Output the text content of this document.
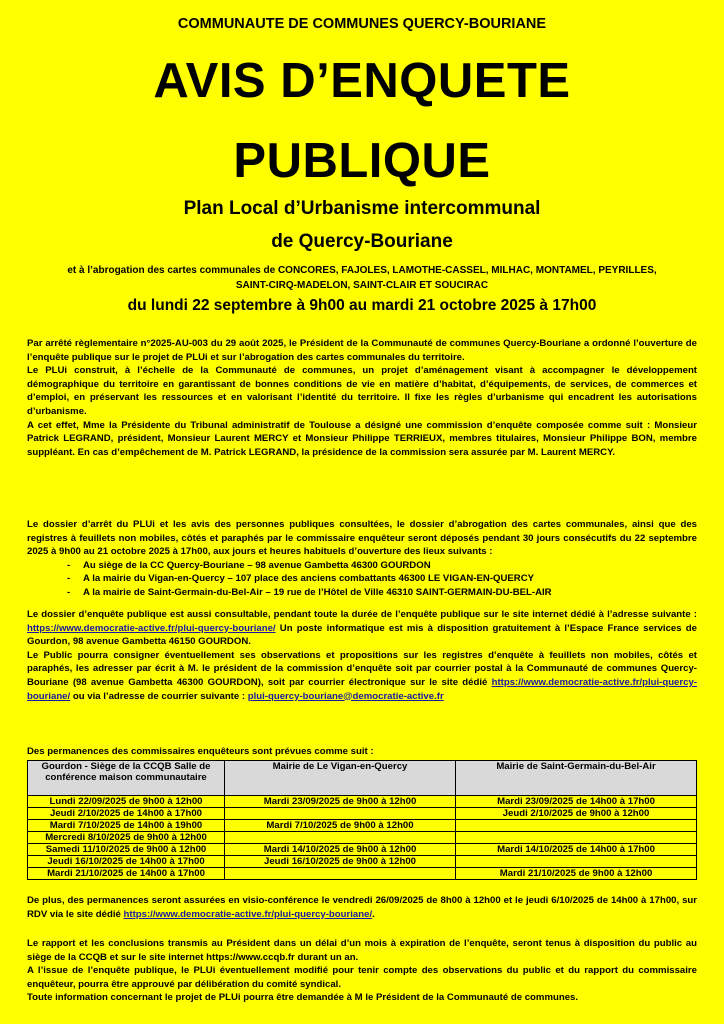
COMMUNAUTE DE COMMUNES QUERCY-BOURIANE
AVIS D’ENQUETE
PUBLIQUE
Plan Local d’Urbanisme intercommunal
de Quercy-Bouriane
et à l’abrogation des cartes communales de CONCORES, FAJOLES, LAMOTHE-CASSEL, MILHAC, MONTAMEL, PEYRILLES, SAINT-CIRQ-MADELON, SAINT-CLAIR ET SOUCIRAC
du lundi 22 septembre à 9h00 au mardi 21 octobre 2025 à 17h00

Par arrêté règlementaire n°2025-AU-003 du 29 août 2025, le Président de la Communauté de communes Quercy-Bouriane a ordonné l’ouverture de l’enquête publique sur le projet de PLUi et sur l’abrogation des cartes communales du territoire.

Le PLUi construit, à l’échelle de la Communauté de communes, un projet d’aménagement visant à accompagner le développement démographique du territoire en garantissant de bonnes conditions de vie en matière d’habitat, d’équipements, de services, de commerces et d’emploi, en préservant les ressources et en valorisant l’identité du territoire. Il fixe les règles d’urbanisme qui encadrent les autorisations d’urbanisme.

A cet effet, Mme la Présidente du Tribunal administratif de Toulouse a désigné une commission d’enquête composée comme suit : Monsieur Patrick LEGRAND, président, Monsieur Laurent MERCY et Monsieur Philippe TERRIEUX, membres titulaires, Monsieur Philippe BON, membre suppléant. En cas d’empêchement de M. Patrick LEGRAND, la présidence de la commission sera assurée par M. Laurent MERCY.

Le dossier d’arrêt du PLUi et les avis des personnes publiques consultées, le dossier d’abrogation des cartes communales, ainsi que des registres à feuillets non mobiles, côtés et paraphés par le commissaire enquêteur seront déposés pendant 30 jours consécutifs du 22 septembre 2025 à 9h00 au 21 octobre 2025 à 17h00, aux jours et heures habituels d’ouverture des lieux suivants :

- Au siège de la CC Quercy-Bouriane – 98 avenue Gambetta 46300 GOURDON
- A la mairie du Vigan-en-Quercy – 107 place des anciens combattants 46300 LE VIGAN-EN-QUERCY
- A la mairie de Saint-Germain-du-Bel-Air – 19 rue de l’Hôtel de Ville 46310 SAINT-GERMAIN-DU-BEL-AIR

Le dossier d’enquête publique est aussi consultable, pendant toute la durée de l’enquête publique sur le site internet dédié à l’adresse suivante : https://www.democratie-active.fr/plui-quercy-bouriane/ Un poste informatique est mis à disposition gratuitement à l’Espace France services de Gourdon, 98 avenue Gambetta 46150 GOURDON.

Le Public pourra consigner éventuellement ses observations et propositions sur les registres d’enquête à feuillets non mobiles, côtés et paraphés, les adresser par écrit à M. le président de la commission d’enquête soit par courrier postal à la Communauté de communes Quercy-Bouriane (98 avenue Gambetta 46300 GOURDON), soit par courrier électronique sur le site dédié https://www.democratie-active.fr/plui-quercy-bouriane/ ou via l’adresse de courrier suivante : plui-quercy-bouriane@democratie-active.fr

Des permanences des commissaires enquêteurs sont prévues comme suit :
Gourdon - Siège de la CCQB Salle de conférence maison communautaire	Mairie de Le Vigan-en-Quercy	Mairie de Saint-Germain-du-Bel-Air
Lundi 22/09/2025 de 9h00 à 12h00	Mardi 23/09/2025 de 9h00 à 12h00	Mardi 23/09/2025 de 14h00 à 17h00
Jeudi 2/10/2025 de 14h00 à 17h00		Jeudi 2/10/2025 de 9h00 à 12h00
Mardi 7/10/2025 de 14h00 à 19h00	Mardi 7/10/2025 de 9h00 à 12h00	
Mercredi 8/10/2025 de 9h00 à 12h00		
Samedi 11/10/2025 de 9h00 à 12h00	Mardi 14/10/2025 de 9h00 à 12h00	Mardi 14/10/2025 de 14h00 à 17h00
Jeudi 16/10/2025 de 14h00 à 17h00	Jeudi 16/10/2025 de 9h00 à 12h00	
Mardi 21/10/2025 de 14h00 à 17h00		Mardi 21/10/2025 de 9h00 à 12h00

De plus, des permanences seront assurées en visio-conférence le vendredi 26/09/2025 de 8h00 à 12h00 et le jeudi 6/10/2025 de 14h00 à 17h00, sur RDV via le site dédié https://www.democratie-active.fr/plui-quercy-bouriane/.

Le rapport et les conclusions transmis au Président dans un délai d’un mois à expiration de l’enquête, seront tenus à disposition du public au siège de la CCQB et sur le site internet https://www.ccqb.fr durant un an.

A l’issue de l’enquête publique, le PLUi éventuellement modifié pour tenir compte des observations du public et du rapport du commissaire enquêteur, pourra être approuvé par délibération du comité syndical.

Toute information concernant le projet de PLUi pourra être demandée à M le Président de la Communauté de communes.
